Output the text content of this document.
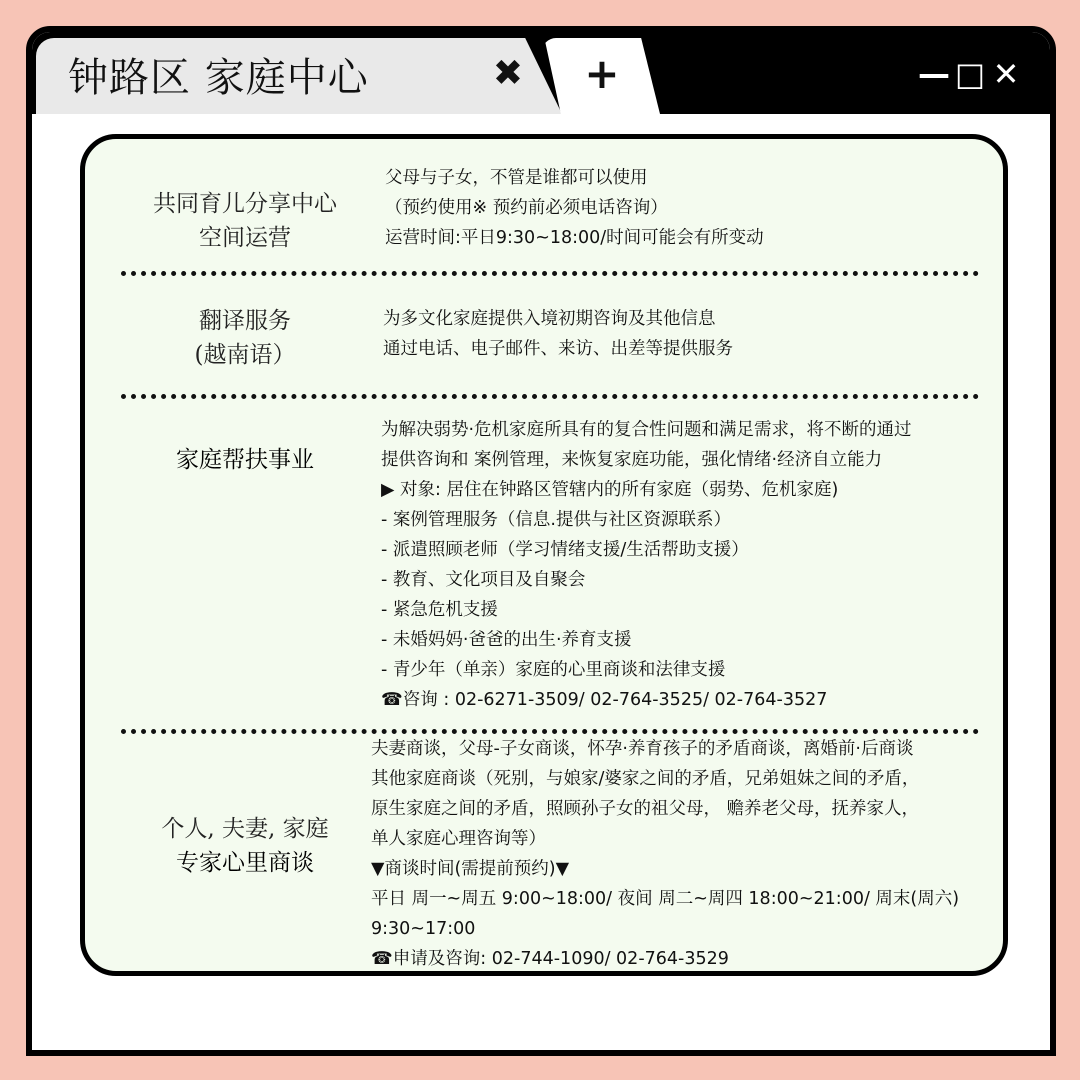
钟路区 家庭中心	✖ +	— □ ✕
共同育儿分享中心
空间运营
父母与子女，不管是谁都可以使用
（预约使用※ 预约前必须电话咨询）
运营时间:平日9:30~18:00/时间可能会有所变动
翻译服务
(越南语）
为多文化家庭提供入境初期咨询及其他信息
通过电话、电子邮件、来访、出差等提供服务
家庭帮扶事业
为解决弱势·危机家庭所具有的复合性问题和满足需求，将不断的通过
提供咨询和 案例管理，来恢复家庭功能，强化情绪·经济自立能力
▶ 对象: 居住在钟路区管辖内的所有家庭（弱势、危机家庭)
- 案例管理服务（信息.提供与社区资源联系）
- 派遣照顾老师（学习情绪支援/生活帮助支援）
- 教育、文化项目及自聚会
- 紧急危机支援
- 未婚妈妈·爸爸的出生·养育支援
- 青少年（单亲）家庭的心里商谈和法律支援
☎咨询 : 02-6271-3509/ 02-764-3525/ 02-764-3527
个人, 夫妻, 家庭
专家心里商谈
夫妻商谈，父母-子女商谈，怀孕·养育孩子的矛盾商谈，离婚前·后商谈
其他家庭商谈（死别，与娘家/婆家之间的矛盾，兄弟姐妹之间的矛盾，
原生家庭之间的矛盾，照顾孙子女的祖父母， 赡养老父母，抚养家人，
单人家庭心理咨询等）
▼商谈时间(需提前预约)▼
平日 周一~周五 9:00~18:00/ 夜间 周二~周四 18:00~21:00/ 周末(周六)
9:30~17:00
☎申请及咨询: 02-744-1090/ 02-764-3529
